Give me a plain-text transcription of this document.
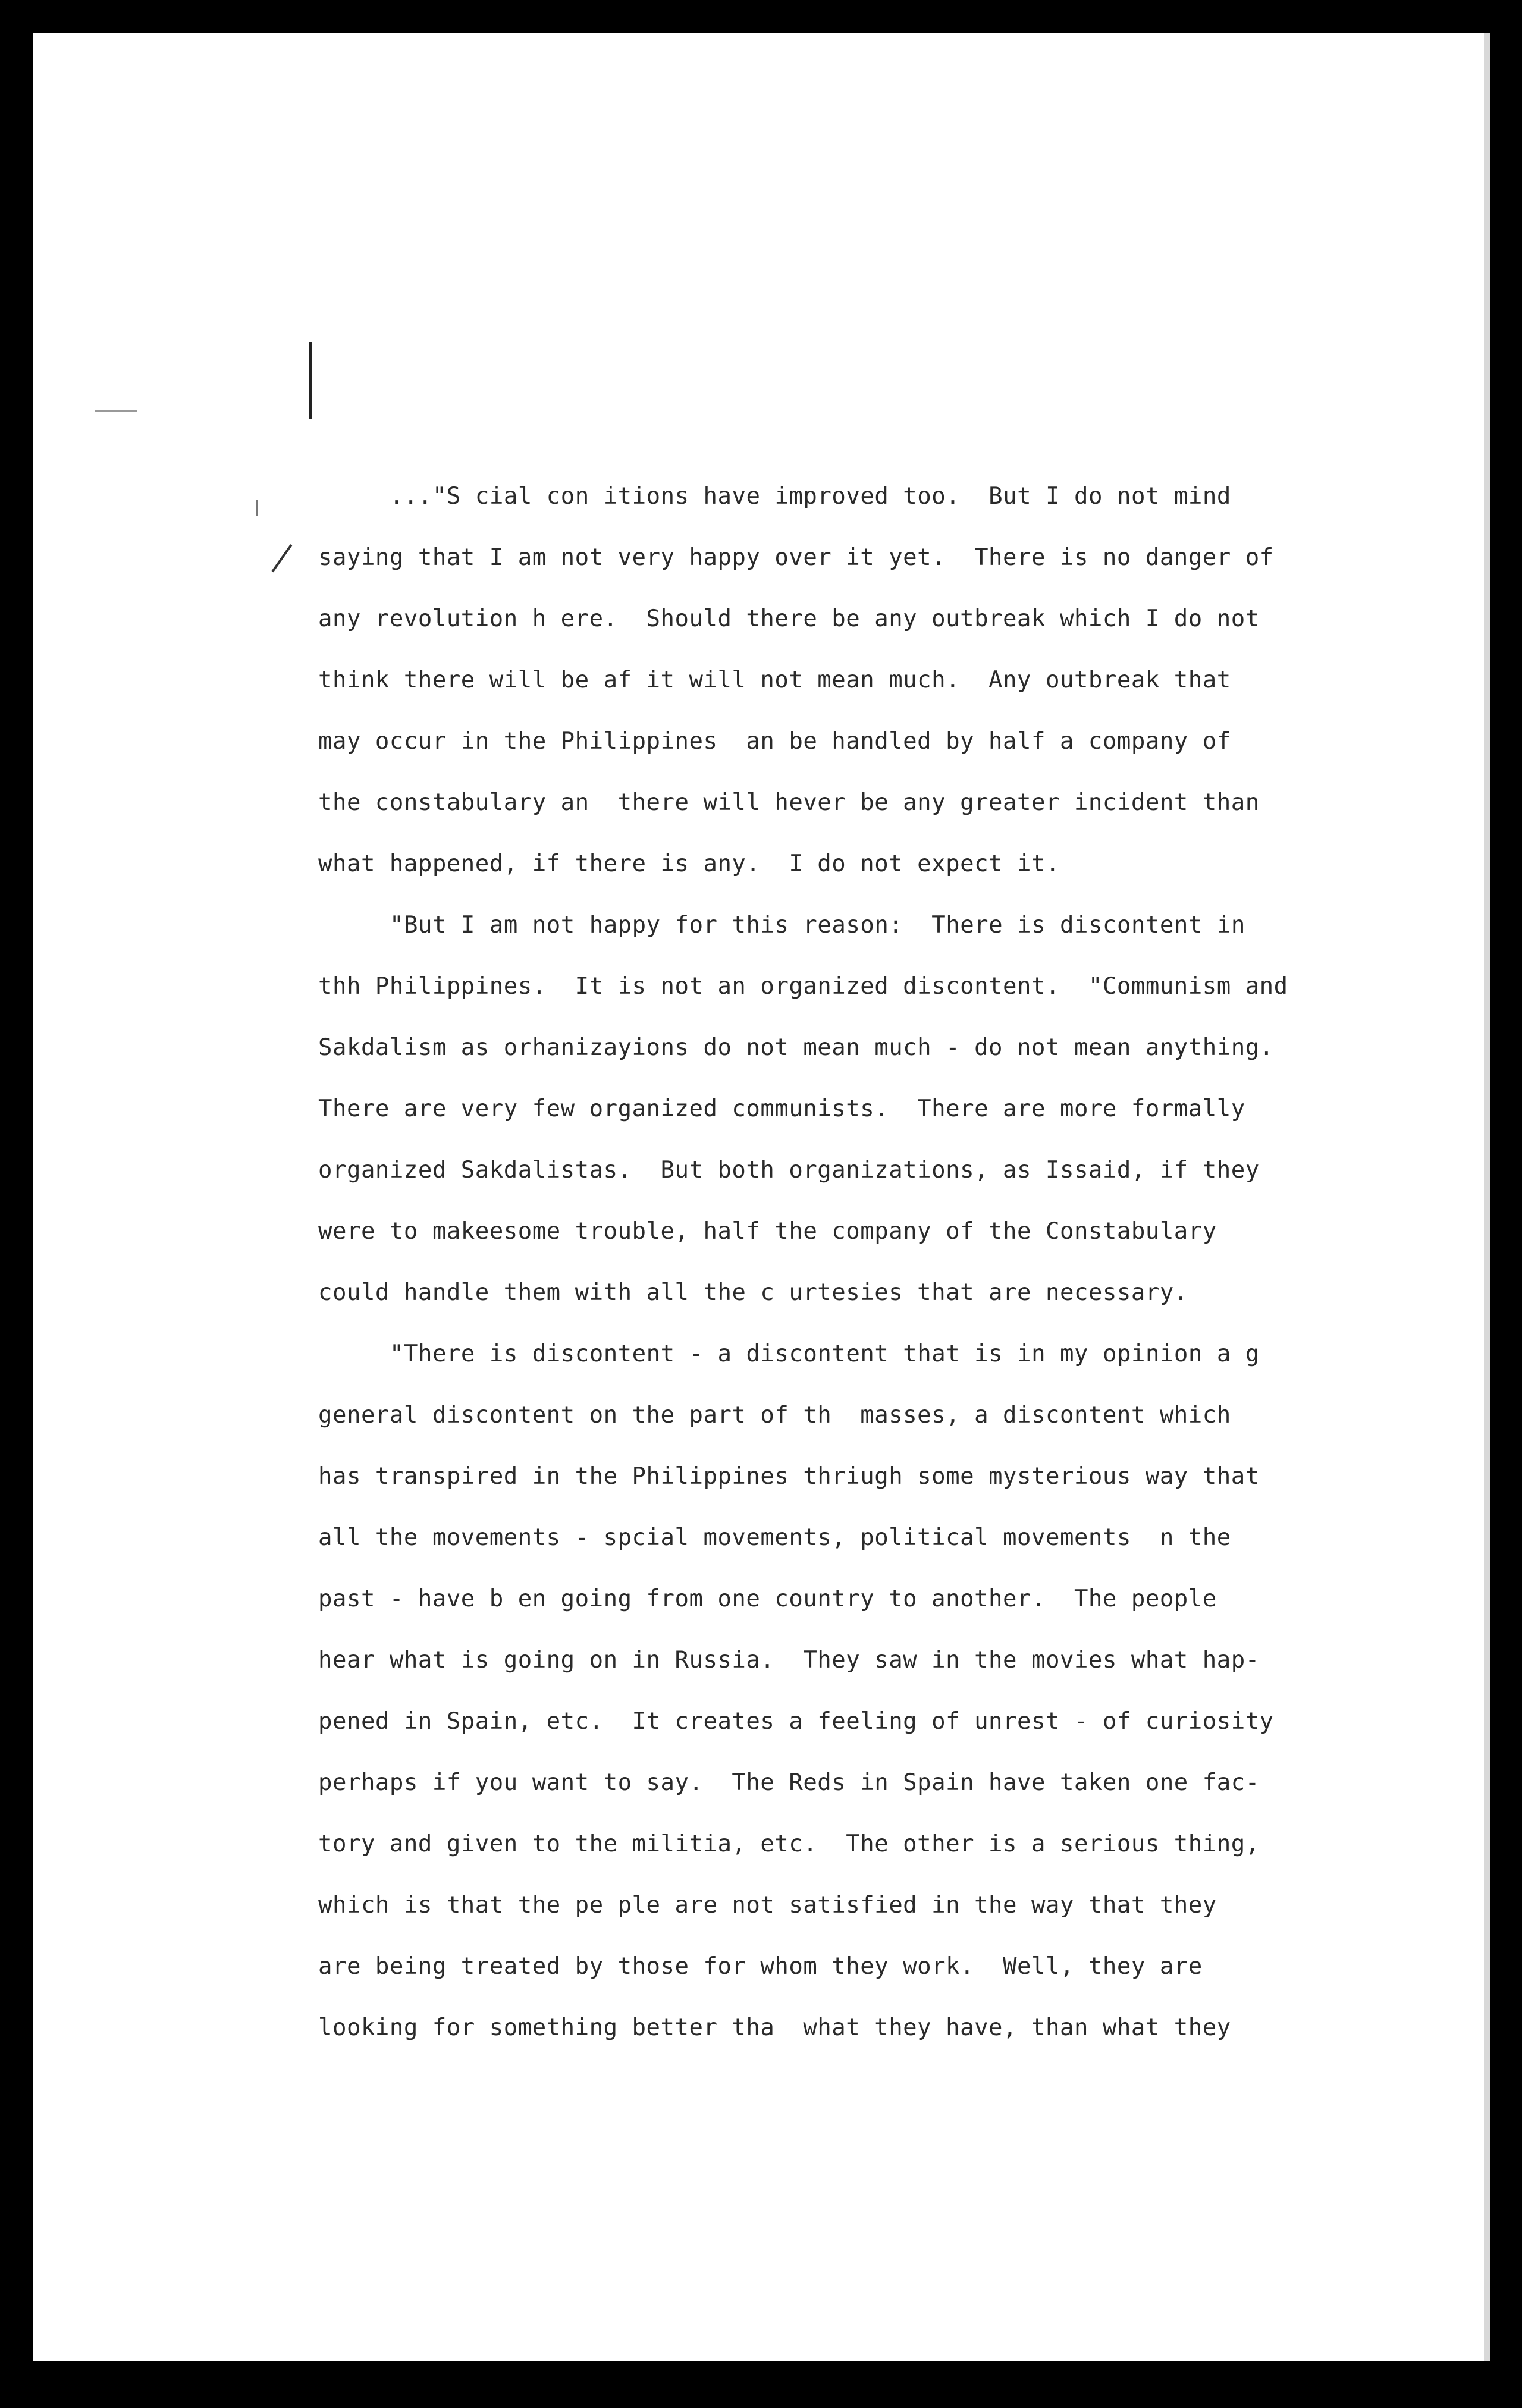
..."S cial con itions have improved too.  But I do not mind
saying that I am not very happy over it yet.  There is no danger of
any revolution h ere.  Should there be any outbreak which I do not
think there will be af it will not mean much.  Any outbreak that
may occur in the Philippines  an be handled by half a company of
the constabulary an  there will hever be any greater incident than
what happened, if there is any.  I do not expect it.
"But I am not happy for this reason:  There is discontent in
thh Philippines.  It is not an organized discontent.  "Communism and
Sakdalism as orhanizayions do not mean much - do not mean anything.
There are very few organized communists.  There are more formally
organized Sakdalistas.  But both organizations, as Issaid, if they
were to makeesome trouble, half the company of the Constabulary
could handle them with all the c urtesies that are necessary.
"There is discontent - a discontent that is in my opinion a g
general discontent on the part of th  masses, a discontent which
has transpired in the Philippines thriugh some mysterious way that
all the movements - spcial movements, political movements  n the
past - have b en going from one country to another.  The people
hear what is going on in Russia.  They saw in the movies what hap-
pened in Spain, etc.  It creates a feeling of unrest - of curiosity
perhaps if you want to say.  The Reds in Spain have taken one fac-
tory and given to the militia, etc.  The other is a serious thing,
which is that the pe ple are not satisfied in the way that they
are being treated by those for whom they work.  Well, they are
looking for something better tha  what they have, than what they
